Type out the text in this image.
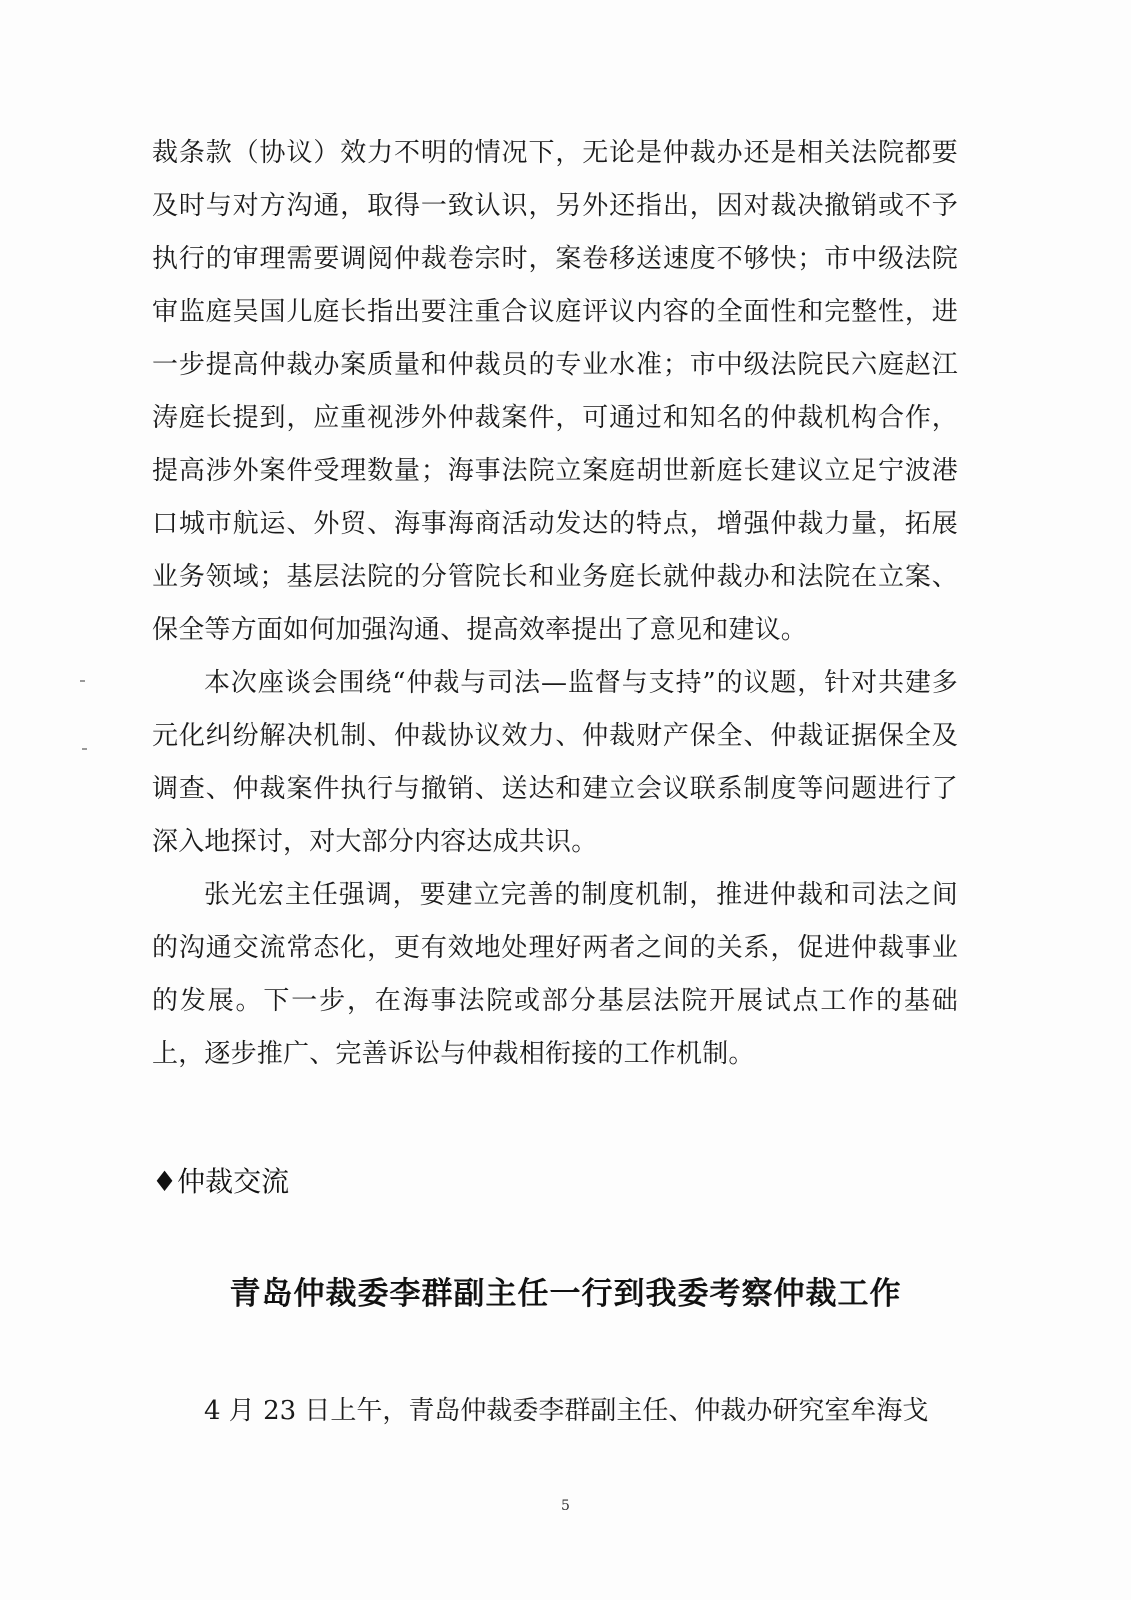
裁条款（协议）效力不明的情况下，无论是仲裁办还是相关法院都要及时与对方沟通，取得一致认识，另外还指出，因对裁决撤销或不予执行的审理需要调阅仲裁卷宗时，案卷移送速度不够快；市中级法院审监庭吴国儿庭长指出要注重合议庭评议内容的全面性和完整性，进一步提高仲裁办案质量和仲裁员的专业水准；市中级法院民六庭赵江涛庭长提到，应重视涉外仲裁案件，可通过和知名的仲裁机构合作，提高涉外案件受理数量；海事法院立案庭胡世新庭长建议立足宁波港口城市航运、外贸、海事海商活动发达的特点，增强仲裁力量，拓展业务领域；基层法院的分管院长和业务庭长就仲裁办和法院在立案、保全等方面如何加强沟通、提高效率提出了意见和建议。

本次座谈会围绕“仲裁与司法—监督与支持”的议题，针对共建多元化纠纷解决机制、仲裁协议效力、仲裁财产保全、仲裁证据保全及调查、仲裁案件执行与撤销、送达和建立会议联系制度等问题进行了深入地探讨，对大部分内容达成共识。

张光宏主任强调，要建立完善的制度机制，推进仲裁和司法之间的沟通交流常态化，更有效地处理好两者之间的关系，促进仲裁事业的发展。下一步，在海事法院或部分基层法院开展试点工作的基础上，逐步推广、完善诉讼与仲裁相衔接的工作机制。

♦仲裁交流
青岛仲裁委李群副主任一行到我委考察仲裁工作

4 月 23 日上午，青岛仲裁委李群副主任、仲裁办研究室牟海戈

5
